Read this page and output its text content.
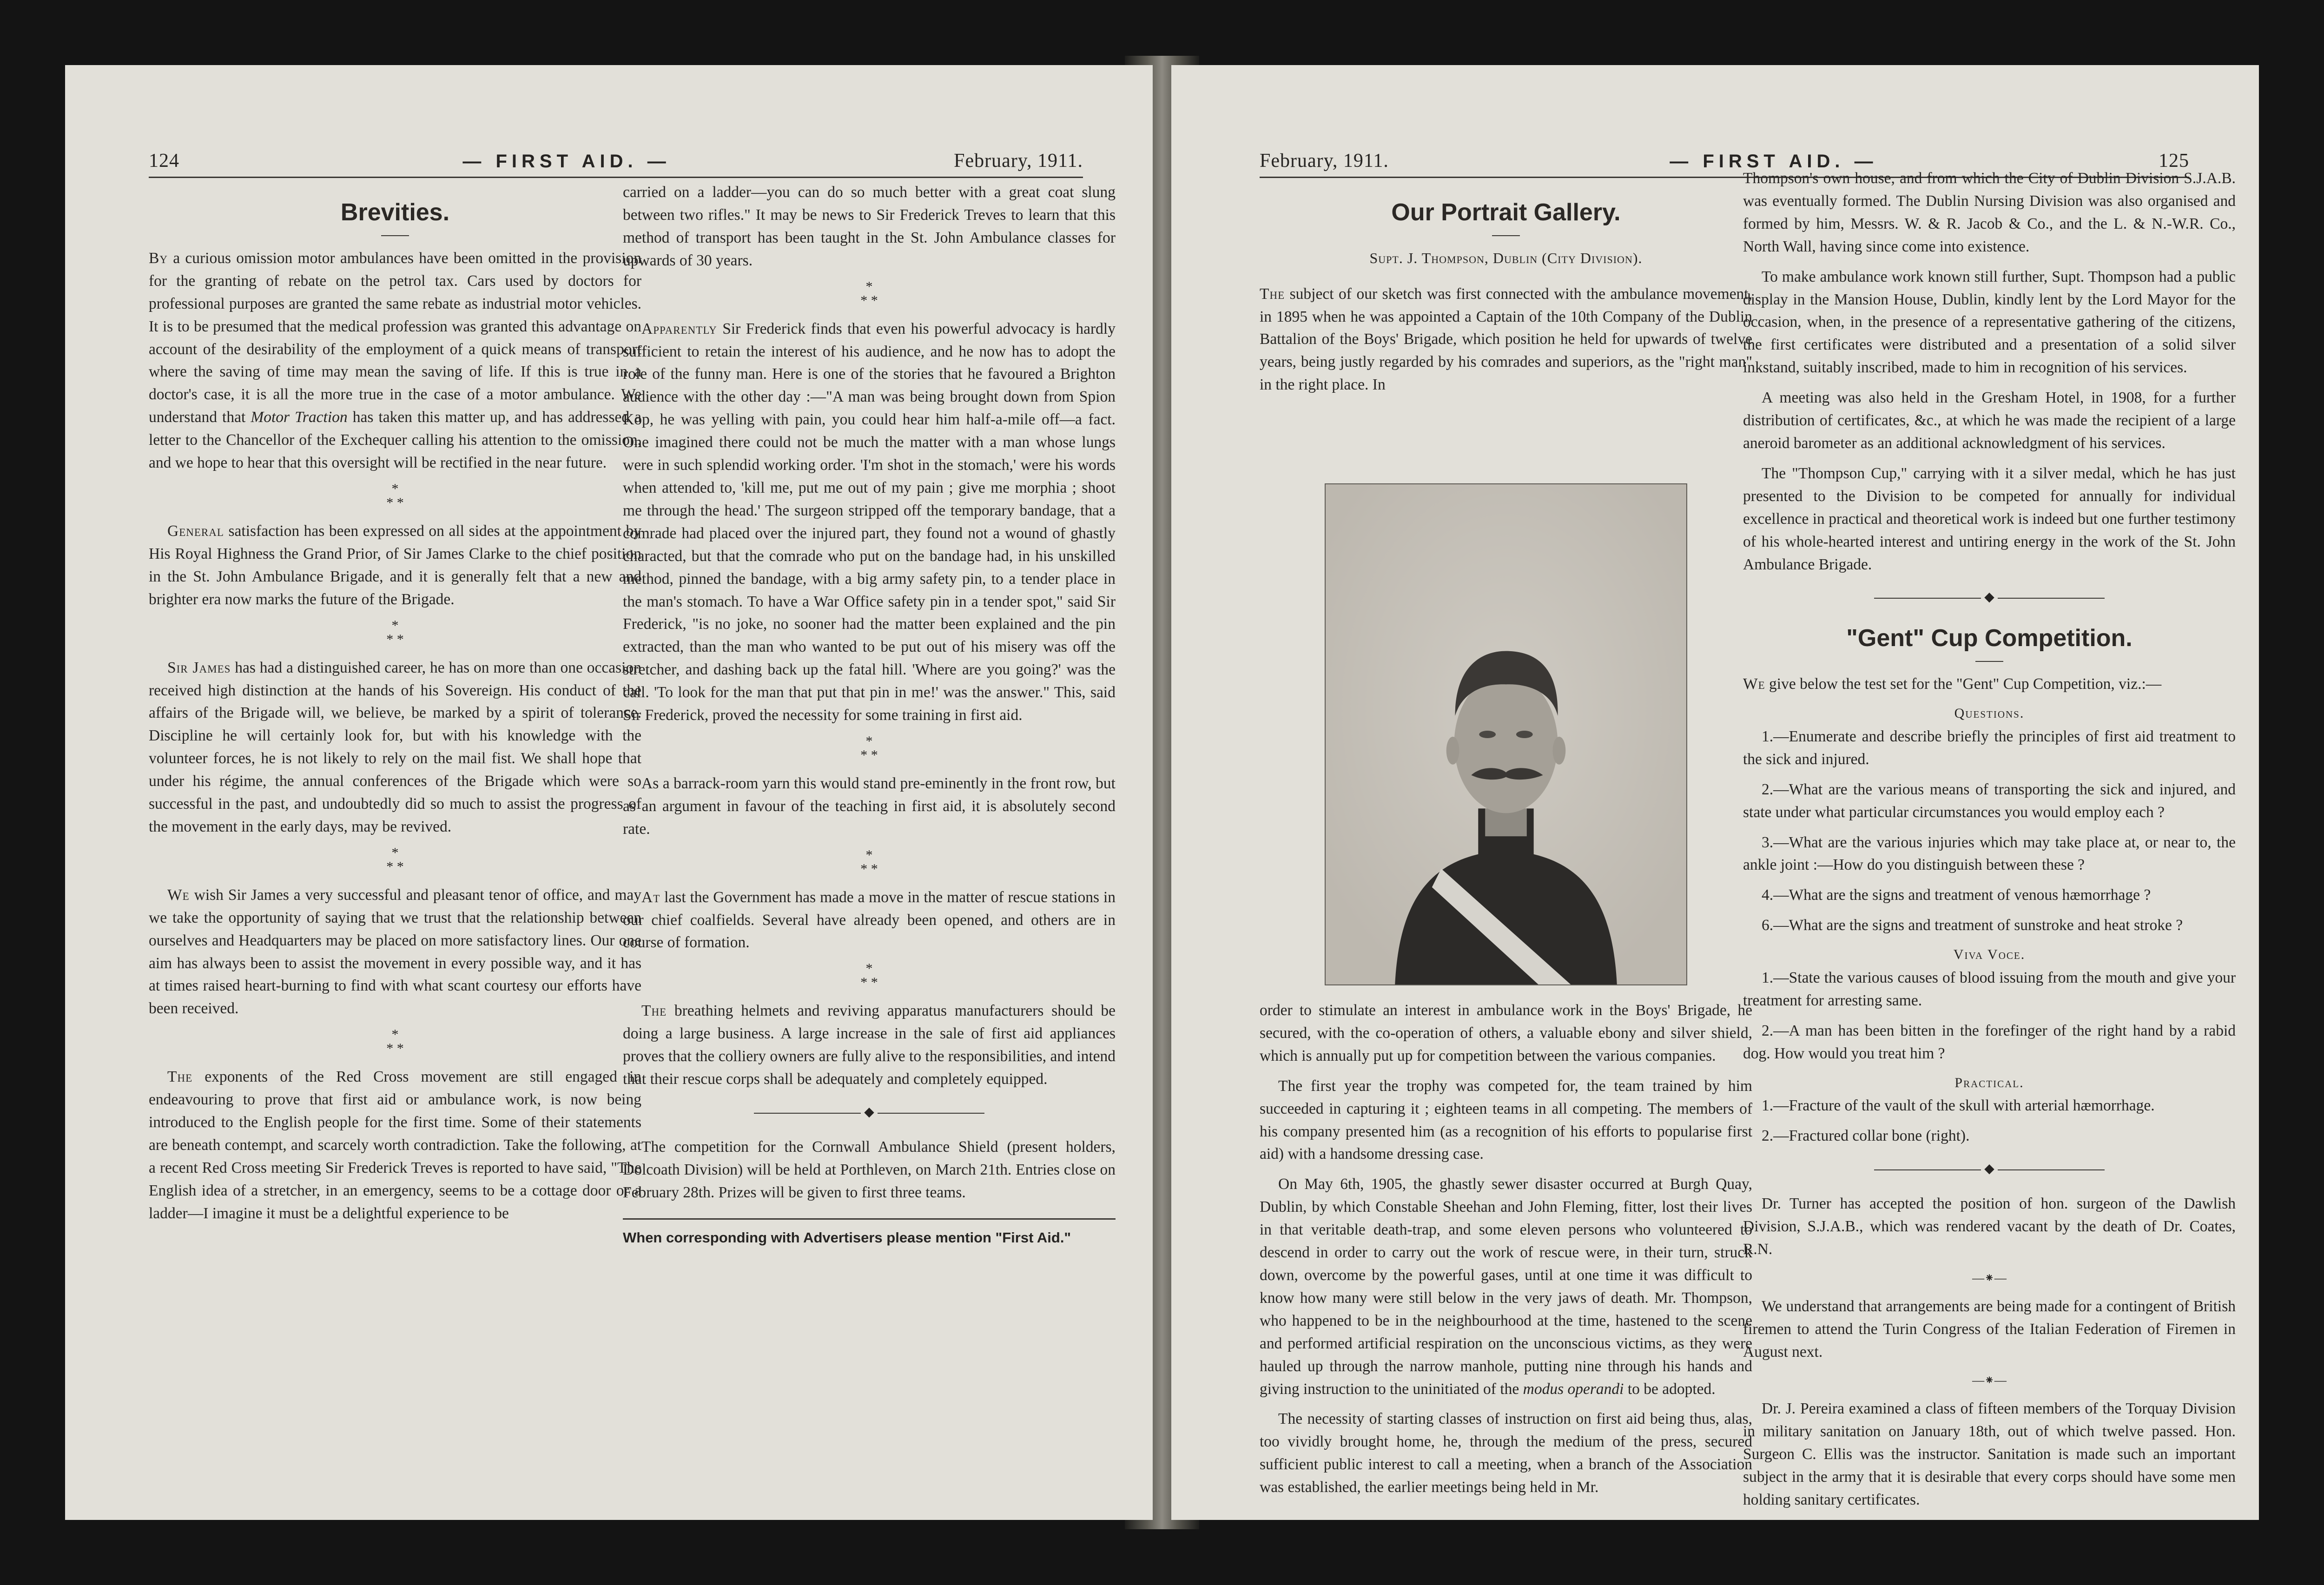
124	— FIRST AID. —	February, 1911.
Brevities.

By a curious omission motor ambulances have been omitted in the provision for the granting of rebate on the petrol tax. Cars used by doctors for professional purposes are granted the same rebate as industrial motor vehicles. It is to be presumed that the medical profession was granted this advantage on account of the desirability of the employment of a quick means of transport where the saving of time may mean the saving of life. If this is true in a doctor's case, it is all the more true in the case of a motor ambulance. We understand that Motor Traction has taken this matter up, and has addressed a letter to the Chancellor of the Exchequer calling his attention to the omission, and we hope to hear that this oversight will be rectified in the near future.

*
* *

General satisfaction has been expressed on all sides at the appointment by His Royal Highness the Grand Prior, of Sir James Clarke to the chief position in the St. John Ambulance Brigade, and it is generally felt that a new and brighter era now marks the future of the Brigade.

*
* *

Sir James has had a distinguished career, he has on more than one occasion received high distinction at the hands of his Sovereign. His conduct of the affairs of the Brigade will, we believe, be marked by a spirit of tolerance. Discipline he will certainly look for, but with his knowledge with the volunteer forces, he is not likely to rely on the mail fist. We shall hope that under his régime, the annual conferences of the Brigade which were so successful in the past, and undoubtedly did so much to assist the progress of the movement in the early days, may be revived.

*
* *

We wish Sir James a very successful and pleasant tenor of office, and may we take the opportunity of saying that we trust that the relationship between ourselves and Headquarters may be placed on more satisfactory lines. Our one aim has always been to assist the movement in every possible way, and it has at times raised heart-burning to find with what scant courtesy our efforts have been received.

*
* *

The exponents of the Red Cross movement are still engaged in endeavouring to prove that first aid or ambulance work, is now being introduced to the English people for the first time. Some of their statements are beneath contempt, and scarcely worth contradiction. Take the following, at a recent Red Cross meeting Sir Frederick Treves is reported to have said, "The English idea of a stretcher, in an emergency, seems to be a cottage door or a ladder—I imagine it must be a delightful experience to be

carried on a ladder—you can do so much better with a great coat slung between two rifles." It may be news to Sir Frederick Treves to learn that this method of transport has been taught in the St. John Ambulance classes for upwards of 30 years.

*
* *

Apparently Sir Frederick finds that even his powerful advocacy is hardly sufficient to retain the interest of his audience, and he now has to adopt the role of the funny man. Here is one of the stories that he favoured a Brighton audience with the other day :—"A man was being brought down from Spion Kop, he was yelling with pain, you could hear him half-a-mile off—a fact. One imagined there could not be much the matter with a man whose lungs were in such splendid working order. 'I'm shot in the stomach,' were his words when attended to, 'kill me, put me out of my pain ; give me morphia ; shoot me through the head.' The surgeon stripped off the temporary bandage, that a comrade had placed over the injured part, they found not a wound of ghastly characted, but that the comrade who put on the bandage had, in his unskilled method, pinned the bandage, with a big army safety pin, to a tender place in the man's stomach. To have a War Office safety pin in a tender spot," said Sir Frederick, "is no joke, no sooner had the matter been explained and the pin extracted, than the man who wanted to be put out of his misery was off the stretcher, and dashing back up the fatal hill. 'Where are you going?' was the call. 'To look for the man that put that pin in me!' was the answer." This, said Sir Frederick, proved the necessity for some training in first aid.

*
* *

As a barrack-room yarn this would stand pre-eminently in the front row, but as an argument in favour of the teaching in first aid, it is absolutely second rate.

*
* *

At last the Government has made a move in the matter of rescue stations in our chief coalfields. Several have already been opened, and others are in course of formation.

*
* *

The breathing helmets and reviving apparatus manufacturers should be doing a large business. A large increase in the sale of first aid appliances proves that the colliery owners are fully alive to the responsibilities, and intend that their rescue corps shall be adequately and completely equipped.

◆

The competition for the Cornwall Ambulance Shield (present holders, Dolcoath Division) will be held at Porthleven, on March 21th. Entries close on February 28th. Prizes will be given to first three teams.

When corresponding with Advertisers please mention "First Aid."
February, 1911.	— FIRST AID. —	125
Our Portrait Gallery.
Supt. J. Thompson, Dublin (City Division).

The subject of our sketch was first connected with the ambulance movement, in 1895 when he was appointed a Captain of the 10th Company of the Dublin Battalion of the Boys' Brigade, which position he held for upwards of twelve years, being justly regarded by his comrades and superiors, as the "right man" in the right place. In

order to stimulate an interest in ambulance work in the Boys' Brigade, he secured, with the co-operation of others, a valuable ebony and silver shield, which is annually put up for competition between the various companies.

The first year the trophy was competed for, the team trained by him succeeded in capturing it ; eighteen teams in all competing. The members of his company presented him (as a recognition of his efforts to popularise first aid) with a handsome dressing case.

On May 6th, 1905, the ghastly sewer disaster occurred at Burgh Quay, Dublin, by which Constable Sheehan and John Fleming, fitter, lost their lives in that veritable death-trap, and some eleven persons who volunteered to descend in order to carry out the work of rescue were, in their turn, struck down, overcome by the powerful gases, until at one time it was difficult to know how many were still below in the very jaws of death. Mr. Thompson, who happened to be in the neighbourhood at the time, hastened to the scene and performed artificial respiration on the unconscious victims, as they were hauled up through the narrow manhole, putting nine through his hands and giving instruction to the uninitiated of the modus operandi to be adopted.

The necessity of starting classes of instruction on first aid being thus, alas, too vividly brought home, he, through the medium of the press, secured sufficient public interest to call a meeting, when a branch of the Association was established, the earlier meetings being held in Mr.

Thompson's own house, and from which the City of Dublin Division S.J.A.B. was eventually formed. The Dublin Nursing Division was also organised and formed by him, Messrs. W. & R. Jacob & Co., and the L. & N.-W.R. Co., North Wall, having since come into existence.

To make ambulance work known still further, Supt. Thompson had a public display in the Mansion House, Dublin, kindly lent by the Lord Mayor for the occasion, when, in the presence of a representative gathering of the citizens, the first certificates were distributed and a presentation of a solid silver inkstand, suitably inscribed, made to him in recognition of his services.

A meeting was also held in the Gresham Hotel, in 1908, for a further distribution of certificates, &c., at which he was made the recipient of a large aneroid barometer as an additional acknowledgment of his services.

The "Thompson Cup," carrying with it a silver medal, which he has just presented to the Division to be competed for annually for individual excellence in practical and theoretical work is indeed but one further testimony of his whole-hearted interest and untiring energy in the work of the St. John Ambulance Brigade.

◆
"Gent" Cup Competition.

We give below the test set for the "Gent" Cup Competition, viz.:—

Questions.

1.—Enumerate and describe briefly the principles of first aid treatment to the sick and injured.

2.—What are the various means of transporting the sick and injured, and state under what particular circumstances you would employ each ?

3.—What are the various injuries which may take place at, or near to, the ankle joint :—How do you distinguish between these ?

4.—What are the signs and treatment of venous hæmorrhage ?

6.—What are the signs and treatment of sunstroke and heat stroke ?

Viva Voce.

1.—State the various causes of blood issuing from the mouth and give your treatment for arresting same.

2.—A man has been bitten in the forefinger of the right hand by a rabid dog. How would you treat him ?

Practical.

1.—Fracture of the vault of the skull with arterial hæmorrhage.

2.—Fractured collar bone (right).

◆

Dr. Turner has accepted the position of hon. surgeon of the Dawlish Division, S.J.A.B., which was rendered vacant by the death of Dr. Coates, R.N.

—⁕—

We understand that arrangements are being made for a contingent of British firemen to attend the Turin Congress of the Italian Federation of Firemen in August next.

—⁕—

Dr. J. Pereira examined a class of fifteen members of the Torquay Division in military sanitation on January 18th, out of which twelve passed. Hon. Surgeon C. Ellis was the instructor. Sanitation is made such an important subject in the army that it is desirable that every corps should have some men holding sanitary certificates.
